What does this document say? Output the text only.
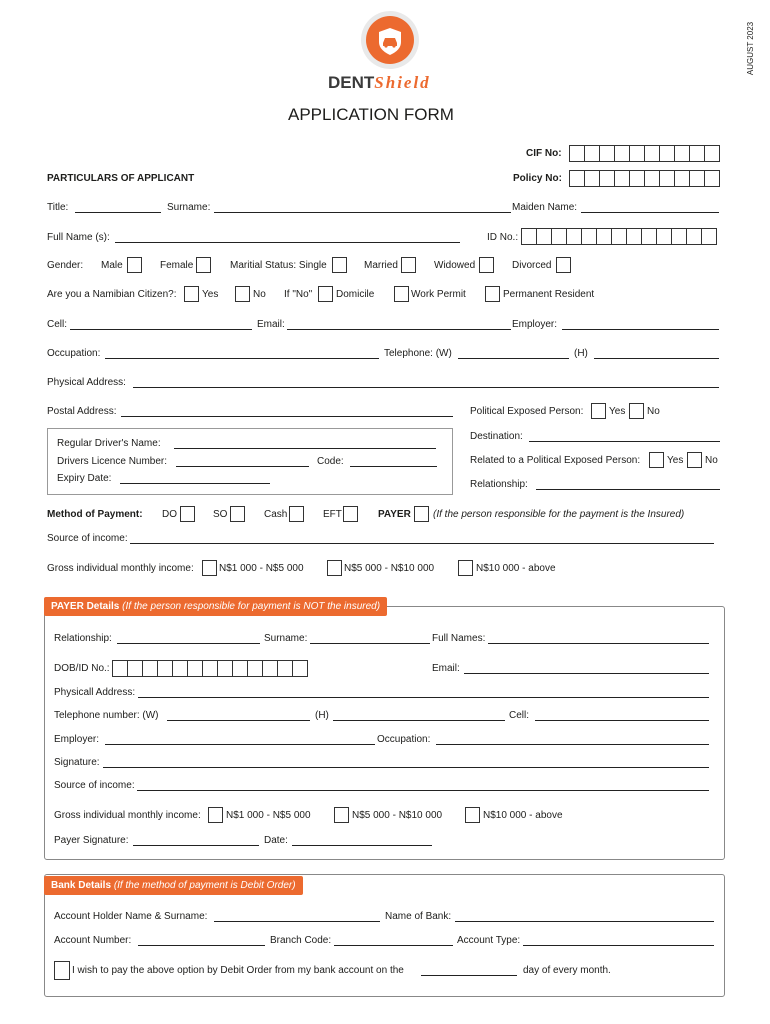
AUGUST 2023
DENTShield
APPLICATION FORM
CIF No:
PARTICULARS OF APPLICANT	Policy No:
Title:	Surname:	Maiden Name:
Full Name (s):	ID No.:
Gender: Male	Female	Maritial Status: Single	Married	Widowed	Divorced
Are you a Namibian Citizen?:	Yes	No If "No" Domicile	Work Permit	Permanent Resident
Cell:	Email:	Employer:
Occupation:	Telephone: (W)	(H)
Physical Address:
Postal Address:	Political Exposed Person:	Yes No
Regular Driver's Name:
Drivers Licence Number:	Code:
Expiry Date:
Destination:
Related to a Political Exposed Person:	Yes No
Relationship:
Method of Payment: DO	SO	Cash	EFT	PAYER (If the person responsible for the payment is the Insured)
Source of income:
Gross individual monthly income:	N$1 000 - N$5 000	N$5 000 - N$10 000	N$10 000 - above
PAYER Details (If the person responsible for payment is NOT the insured)
Relationship:	Surname:	Full Names:
DOB/ID No.:	Email:
Physicall Address:
Telephone number: (W)	(H)	Cell:
Employer:	Occupation:
Signature:
Source of income:
Gross individual monthly income:	N$1 000 - N$5 000	N$5 000 - N$10 000	N$10 000 - above
Payer Signature:	Date:
Bank Details (If the method of payment is Debit Order)
Account Holder Name & Surname:	Name of Bank:
Account Number:	Branch Code:	Account Type:
I wish to pay the above option by Debit Order from my bank account on the	day of every month.
